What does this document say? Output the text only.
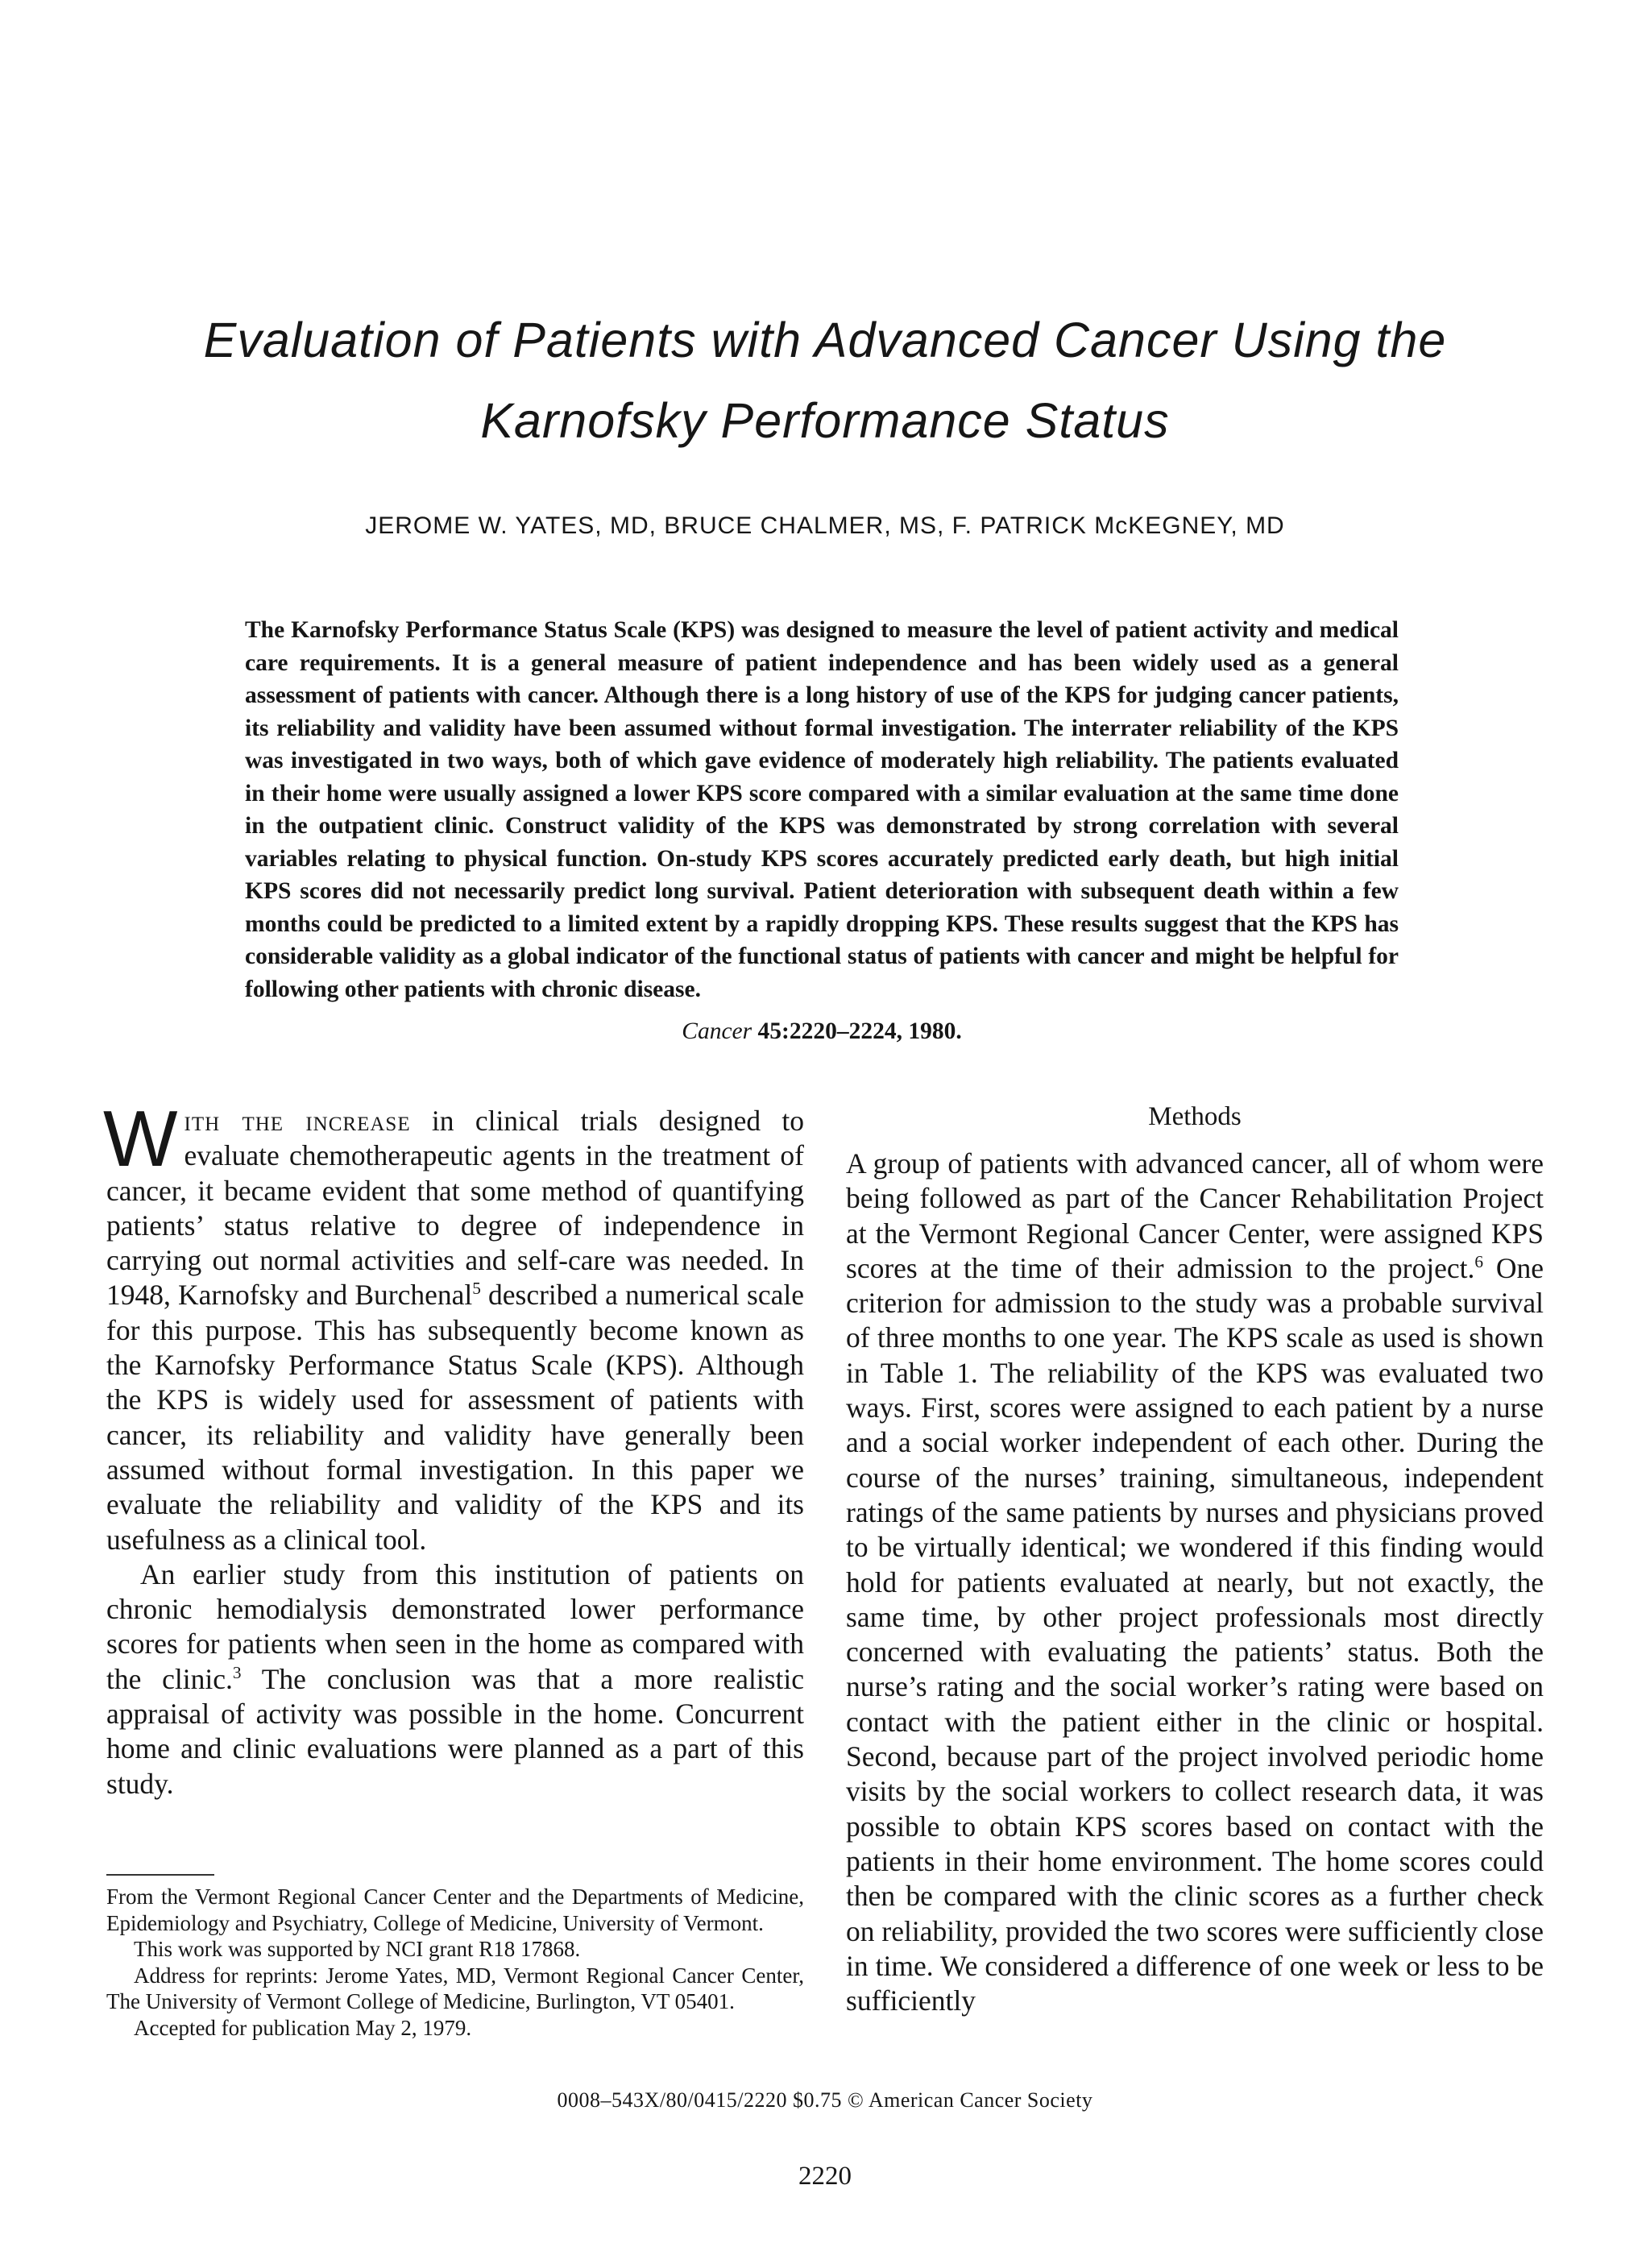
Evaluation of Patients with Advanced Cancer Using the
Karnofsky Performance Status

JEROME W. YATES, MD, BRUCE CHALMER, MS, F. PATRICK McKEGNEY, MD

The Karnofsky Performance Status Scale (KPS) was designed to measure the level of patient activity and medical care requirements. It is a general measure of patient independence and has been widely used as a general assessment of patients with cancer. Although there is a long history of use of the KPS for judging cancer patients, its reliability and validity have been assumed without formal investigation. The interrater reliability of the KPS was investigated in two ways, both of which gave evidence of moderately high reliability. The patients evaluated in their home were usually assigned a lower KPS score compared with a similar evaluation at the same time done in the outpatient clinic. Construct validity of the KPS was demonstrated by strong correlation with several variables relating to physical function. On-study KPS scores accurately predicted early death, but high initial KPS scores did not necessarily predict long survival. Patient deterioration with subsequent death within a few months could be predicted to a limited extent by a rapidly dropping KPS. These results suggest that the KPS has considerable validity as a global indicator of the functional status of patients with cancer and might be helpful for following other patients with chronic disease.

Cancer 45:2220–2224, 1980.

With the increase in clinical trials designed to evaluate chemotherapeutic agents in the treatment of cancer, it became evident that some method of quantifying patients’ status relative to degree of independence in carrying out normal activities and self-care was needed. In 1948, Karnofsky and Burchenal$^5$ described a numerical scale for this purpose. This has subsequently become known as the Karnofsky Performance Status Scale (KPS). Although the KPS is widely used for assessment of patients with cancer, its reliability and validity have generally been assumed without formal investigation. In this paper we evaluate the reliability and validity of the KPS and its usefulness as a clinical tool.

An earlier study from this institution of patients on chronic hemodialysis demonstrated lower performance scores for patients when seen in the home as compared with the clinic.$^3$ The conclusion was that a more realistic appraisal of activity was possible in the home. Concurrent home and clinic evaluations were planned as a part of this study.

From the Vermont Regional Cancer Center and the Departments of Medicine, Epidemiology and Psychiatry, College of Medicine, University of Vermont.

This work was supported by NCI grant R18 17868.

Address for reprints: Jerome Yates, MD, Vermont Regional Cancer Center, The University of Vermont College of Medicine, Burlington, VT 05401.

Accepted for publication May 2, 1979.

Methods

A group of patients with advanced cancer, all of whom were being followed as part of the Cancer Rehabilitation Project at the Vermont Regional Cancer Center, were assigned KPS scores at the time of their admission to the project.$^6$ One criterion for admission to the study was a probable survival of three months to one year. The KPS scale as used is shown in Table 1. The reliability of the KPS was evaluated two ways. First, scores were assigned to each patient by a nurse and a social worker independent of each other. During the course of the nurses’ training, simultaneous, independent ratings of the same patients by nurses and physicians proved to be virtually identical; we wondered if this finding would hold for patients evaluated at nearly, but not exactly, the same time, by other project professionals most directly concerned with evaluating the patients’ status. Both the nurse’s rating and the social worker’s rating were based on contact with the patient either in the clinic or hospital. Second, because part of the project involved periodic home visits by the social workers to collect research data, it was possible to obtain KPS scores based on contact with the patients in their home environment. The home scores could then be compared with the clinic scores as a further check on reliability, provided the two scores were sufficiently close in time. We considered a difference of one week or less to be sufficiently

0008–543X/80/0415/2220 $0.75 © American Cancer Society
2220
